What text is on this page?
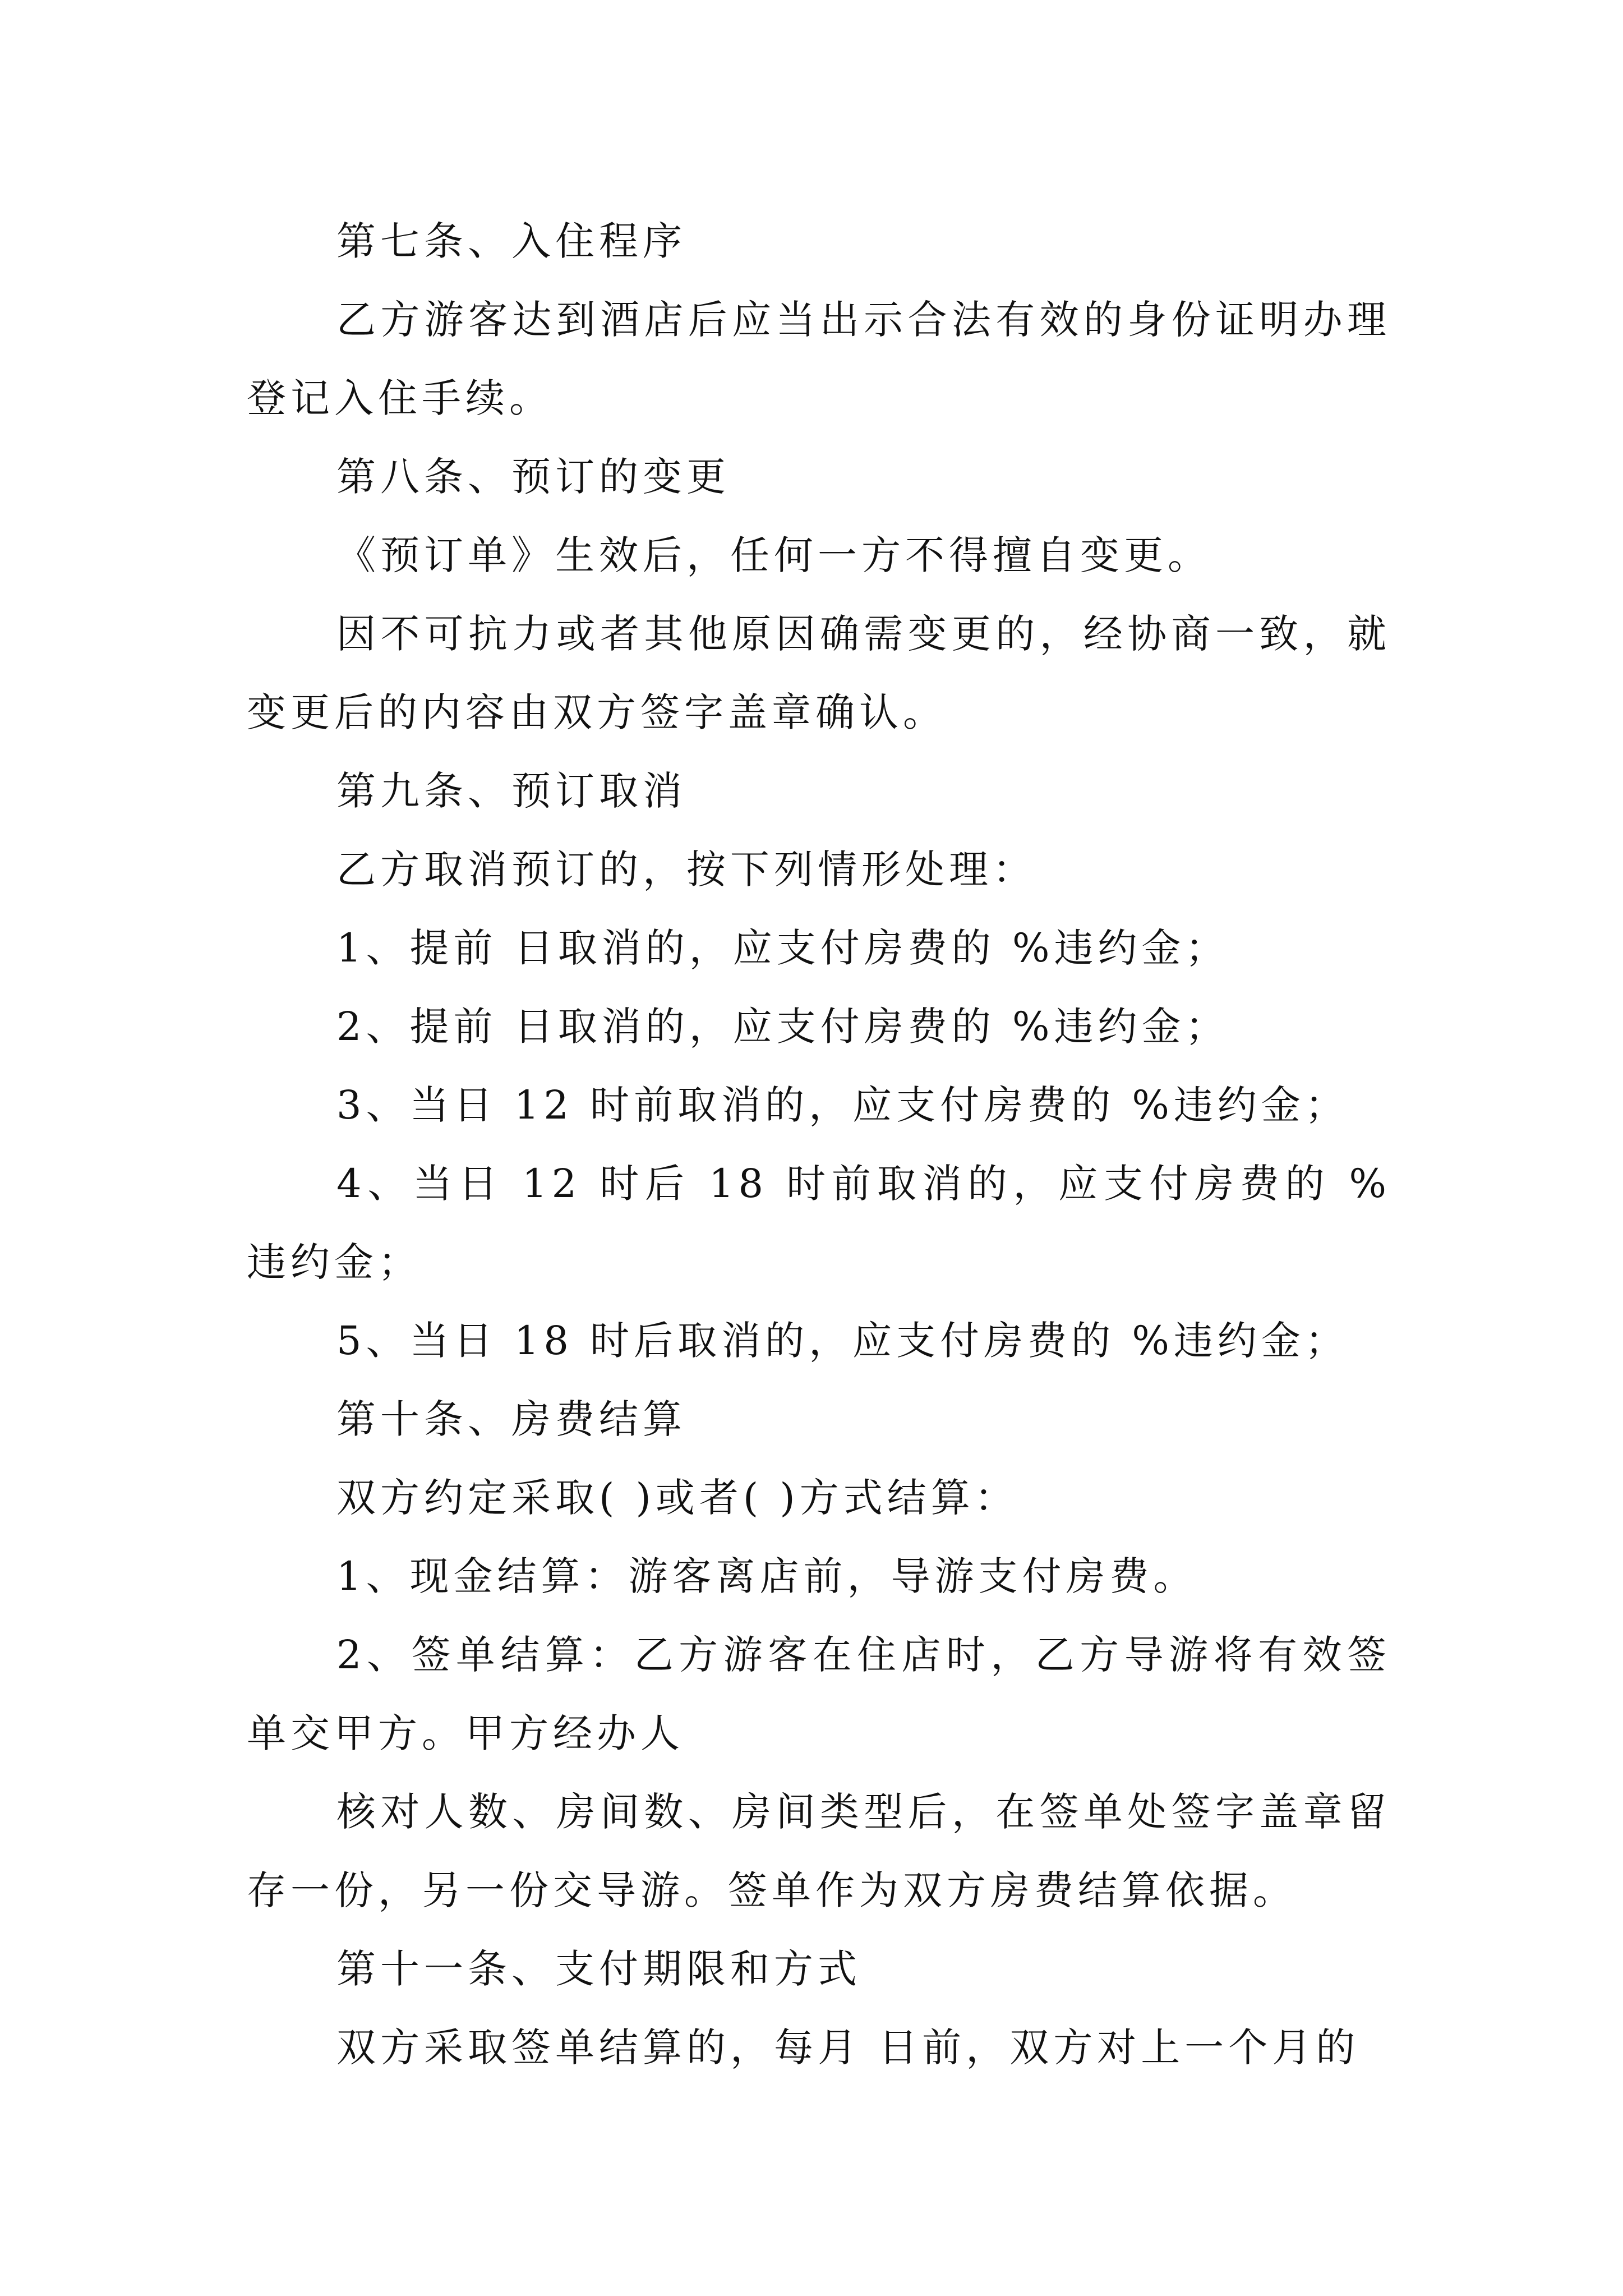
第七条、入住程序

乙方游客达到酒店后应当出示合法有效的身份证明办理登记入住手续。

第八条、预订的变更

《预订单》生效后，任何一方不得擅自变更。

因不可抗力或者其他原因确需变更的，经协商一致，就变更后的内容由双方签字盖章确认。

第九条、预订取消

乙方取消预订的，按下列情形处理：

1、提前 日取消的，应支付房费的 %违约金；

2、提前 日取消的，应支付房费的 %违约金；

3、当日 12 时前取消的，应支付房费的 %违约金；

4、当日 12 时后 18 时前取消的，应支付房费的 %违约金；

5、当日 18 时后取消的，应支付房费的 %违约金；

第十条、房费结算

双方约定采取( )或者( )方式结算：

1、现金结算：游客离店前，导游支付房费。

2、签单结算：乙方游客在住店时，乙方导游将有效签单交甲方。甲方经办人

核对人数、房间数、房间类型后，在签单处签字盖章留存一份，另一份交导游。签单作为双方房费结算依据。

第十一条、支付期限和方式

双方采取签单结算的，每月 日前，双方对上一个月的
